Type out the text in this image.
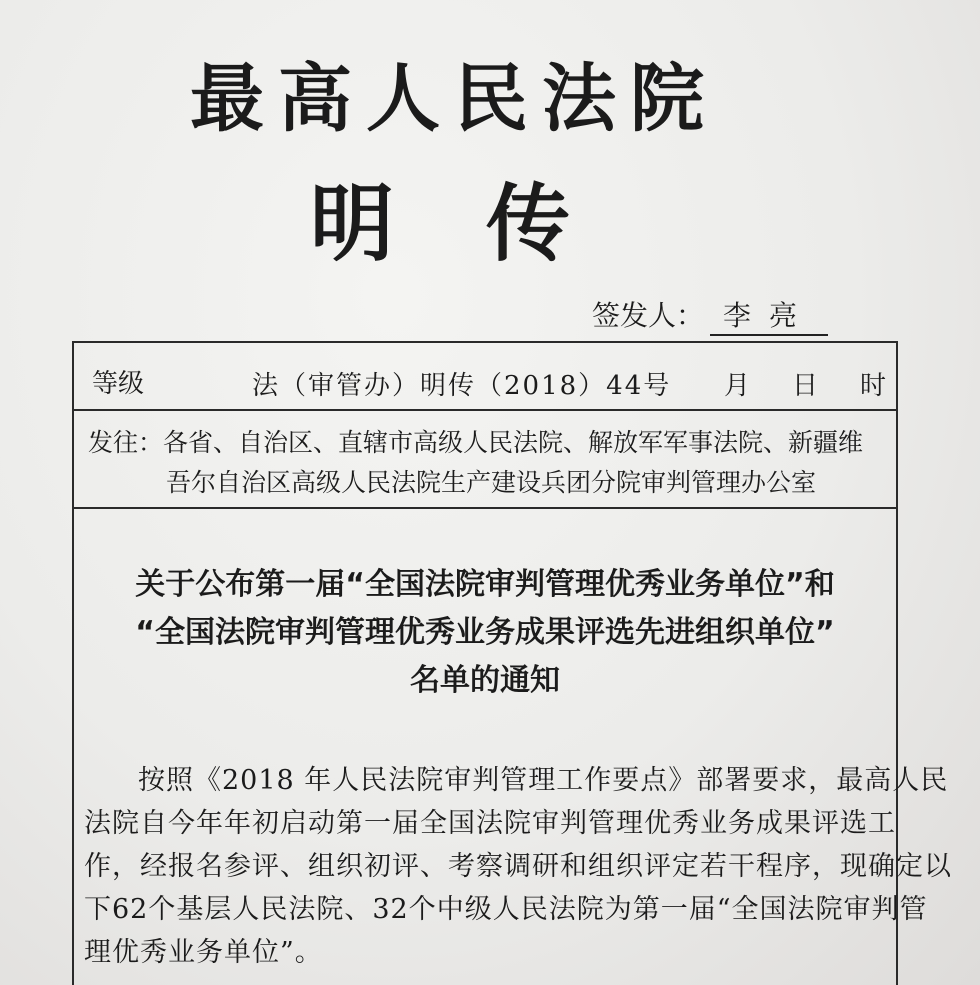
最高人民法院
明传
签发人： 李亮
等级	法（审管办）明传（2018）44号 月 日 时
发往：各省、自治区、直辖市高级人民法院、解放军军事法院、新疆维
吾尔自治区高级人民法院生产建设兵团分院审判管理办公室
关于公布第一届“全国法院审判管理优秀业务单位”和
“全国法院审判管理优秀业务成果评选先进组织单位”
名单的通知
按照《2018 年人民法院审判管理工作要点》部署要求，最高人民
法院自今年年初启动第一届全国法院审判管理优秀业务成果评选工
作，经报名参评、组织初评、考察调研和组织评定若干程序，现确定以
下62个基层人民法院、32个中级人民法院为第一届“全国法院审判管
理优秀业务单位”。
